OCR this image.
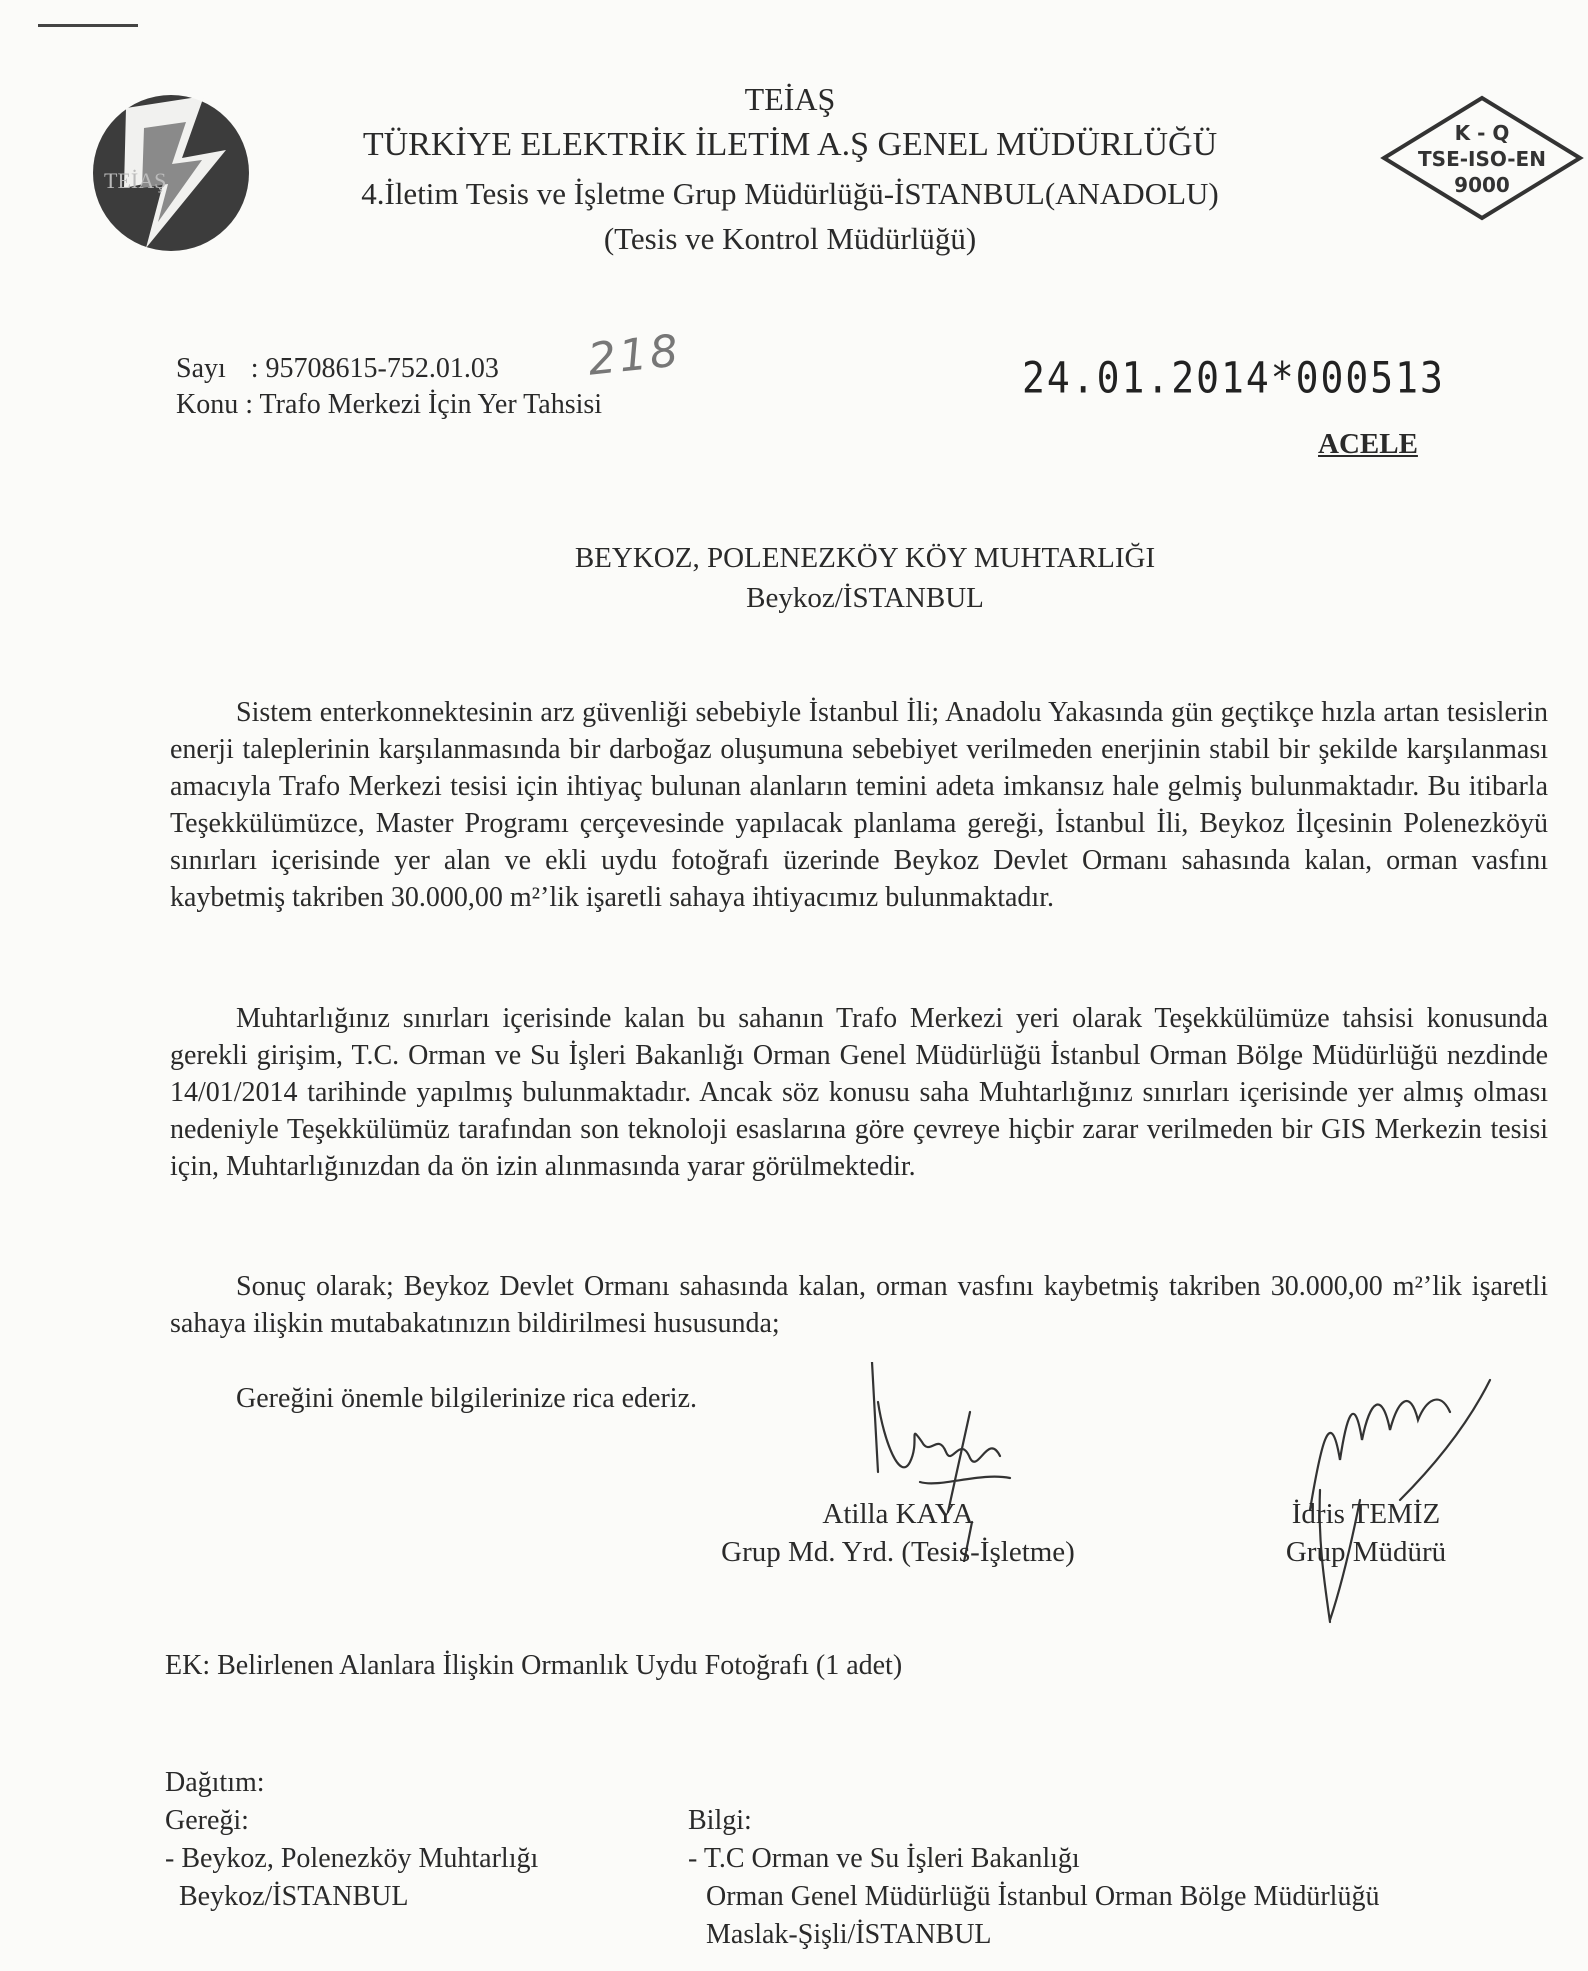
TEİAŞ
K - Q
TSE-ISO-EN
9000
TEİAŞ
TÜRKİYE ELEKTRİK İLETİM A.Ş GENEL MÜDÜRLÜĞÜ
4.İletim Tesis ve İşletme Grup Müdürlüğü-İSTANBUL(ANADOLU)
(Tesis ve Kontrol Müdürlüğü)
Sayı : 95708615-752.01.03 218
Konu : Trafo Merkezi İçin Yer Tahsisi
24.01.2014*000513
ACELE
BEYKOZ, POLENEZKÖY KÖY MUHTARLIĞI
Beykoz/İSTANBUL

Sistem enterkonnektesinin arz güvenliği sebebiyle İstanbul İli; Anadolu Yakasında gün geçtikçe hızla artan tesislerin enerji taleplerinin karşılanmasında bir darboğaz oluşumuna sebebiyet verilmeden enerjinin stabil bir şekilde karşılanması amacıyla Trafo Merkezi tesisi için ihtiyaç bulunan alanların temini adeta imkansız hale gelmiş bulunmaktadır. Bu itibarla Teşekkülümüzce, Master Programı çerçevesinde yapılacak planlama gereği, İstanbul İli, Beykoz İlçesinin Polenezköyü sınırları içerisinde yer alan ve ekli uydu fotoğrafı üzerinde Beykoz Devlet Ormanı sahasında kalan, orman vasfını kaybetmiş takriben 30.000,00 m²’lik işaretli sahaya ihtiyacımız bulunmaktadır.

Muhtarlığınız sınırları içerisinde kalan bu sahanın Trafo Merkezi yeri olarak Teşekkülümüze tahsisi konusunda gerekli girişim, T.C. Orman ve Su İşleri Bakanlığı Orman Genel Müdürlüğü İstanbul Orman Bölge Müdürlüğü nezdinde 14/01/2014 tarihinde yapılmış bulunmaktadır. Ancak söz konusu saha Muhtarlığınız sınırları içerisinde yer almış olması nedeniyle Teşekkülümüz tarafından son teknoloji esaslarına göre çevreye hiçbir zarar verilmeden bir GIS Merkezin tesisi için, Muhtarlığınızdan da ön izin alınmasında yarar görülmektedir.

Sonuç olarak; Beykoz Devlet Ormanı sahasında kalan, orman vasfını kaybetmiş takriben 30.000,00 m²’lik işaretli sahaya ilişkin mutabakatınızın bildirilmesi hususunda;

Gereğini önemle bilgilerinize rica ederiz.

Atilla KAYA
Grup Md. Yrd. (Tesis-İşletme)
İdris TEMİZ
Grup Müdürü
EK: Belirlenen Alanlara İlişkin Ormanlık Uydu Fotoğrafı (1 adet)
Dağıtım:
Gereği:
- Beykoz, Polenezköy Muhtarlığı
Beykoz/İSTANBUL
Bilgi:
- T.C Orman ve Su İşleri Bakanlığı
Orman Genel Müdürlüğü İstanbul Orman Bölge Müdürlüğü
Maslak-Şişli/İSTANBUL
